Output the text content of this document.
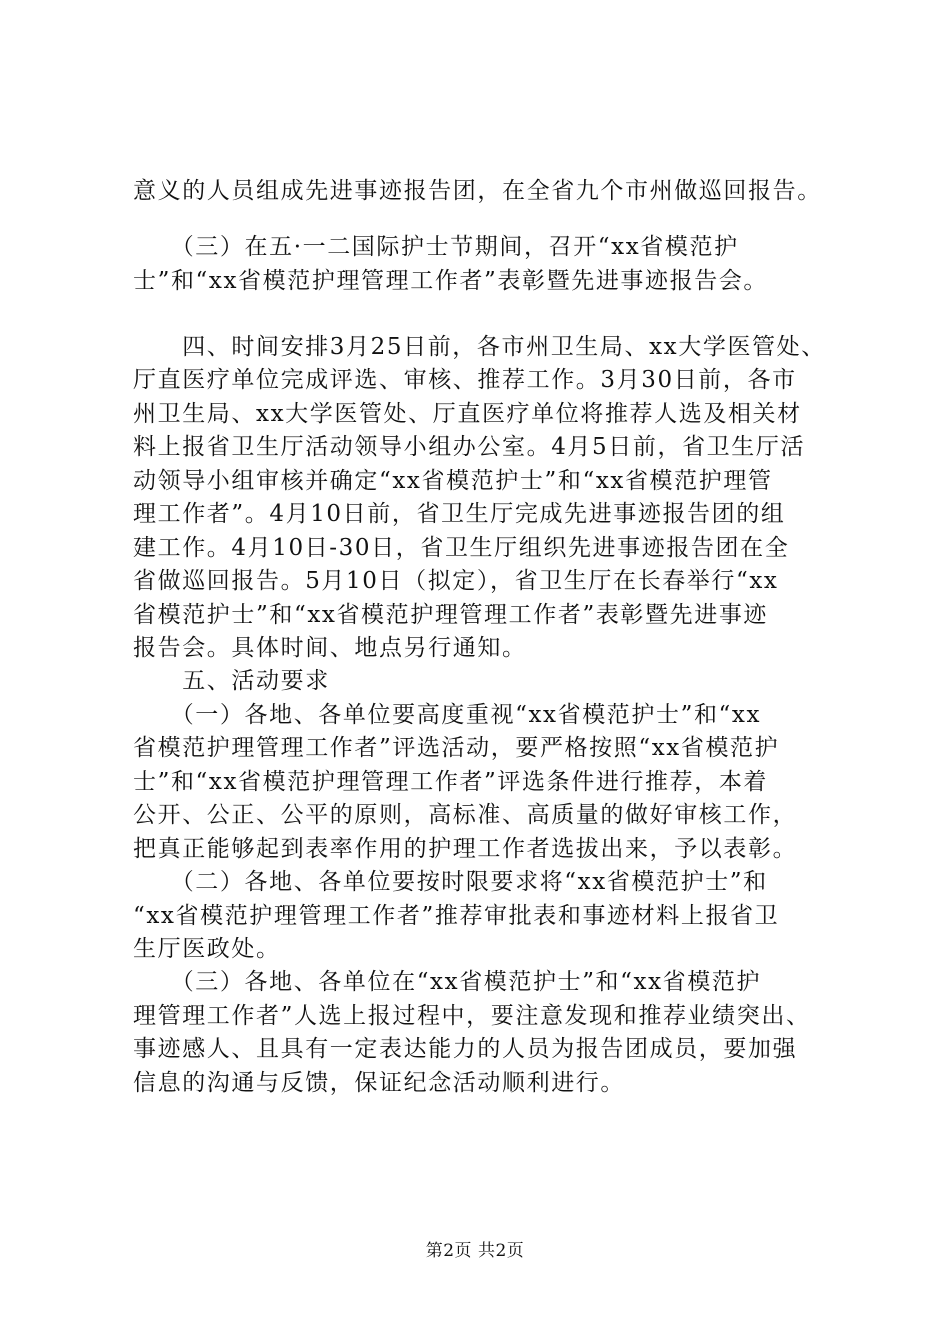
意义的人员组成先进事迹报告团，在全省九个市州做巡回报告。
　　（三）在五·一二国际护士节期间，召开“xx省模范护
士”和“xx省模范护理管理工作者”表彰暨先进事迹报告会。
　　四、时间安排3月25日前，各市州卫生局、xx大学医管处、
厅直医疗单位完成评选、审核、推荐工作。3月30日前，各市
州卫生局、xx大学医管处、厅直医疗单位将推荐人选及相关材
料上报省卫生厅活动领导小组办公室。4月5日前，省卫生厅活
动领导小组审核并确定“xx省模范护士”和“xx省模范护理管
理工作者”。4月10日前，省卫生厅完成先进事迹报告团的组
建工作。4月10日-30日，省卫生厅组织先进事迹报告团在全
省做巡回报告。5月10日（拟定），省卫生厅在长春举行“xx
省模范护士”和“xx省模范护理管理工作者”表彰暨先进事迹
报告会。具体时间、地点另行通知。
　　五、活动要求
　　（一）各地、各单位要高度重视“xx省模范护士”和“xx
省模范护理管理工作者”评选活动，要严格按照“xx省模范护
士”和“xx省模范护理管理工作者”评选条件进行推荐，本着
公开、公正、公平的原则，高标准、高质量的做好审核工作，
把真正能够起到表率作用的护理工作者选拔出来，予以表彰。
　　（二）各地、各单位要按时限要求将“xx省模范护士”和
“xx省模范护理管理工作者”推荐审批表和事迹材料上报省卫
生厅医政处。
　　（三）各地、各单位在“xx省模范护士”和“xx省模范护
理管理工作者”人选上报过程中，要注意发现和推荐业绩突出、
事迹感人、且具有一定表达能力的人员为报告团成员，要加强
信息的沟通与反馈，保证纪念活动顺利进行。
第2页 共2页
